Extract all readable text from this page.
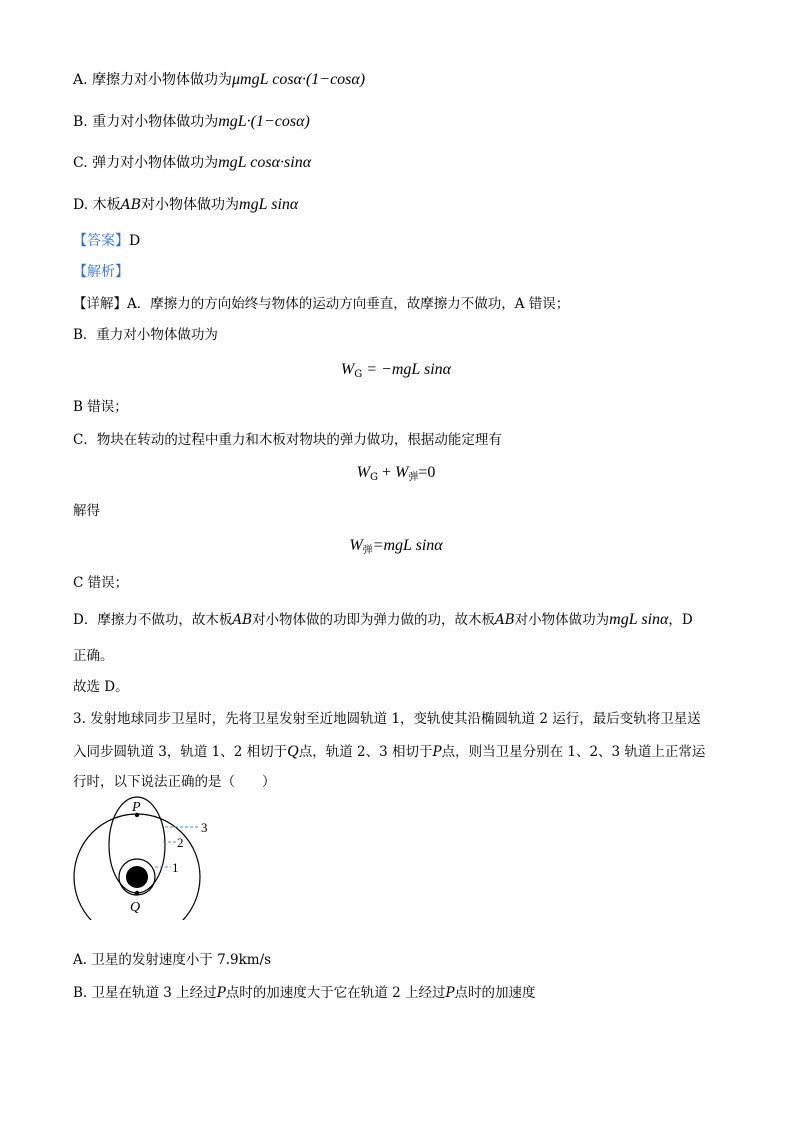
A. 摩擦力对小物体做功为μmgL cosα·(1−cosα)
B. 重力对小物体做功为mgL·(1−cosα)
C. 弹力对小物体做功为mgL cosα·sinα
D. 木板AB对小物体做功为mgL sinα
【答案】D
【解析】
【详解】A．摩擦力的方向始终与物体的运动方向垂直，故摩擦力不做功，A 错误；
B．重力对小物体做功为
$W_G = -mgL$ sinα
B 错误；
C．物块在转动的过程中重力和木板对物块的弹力做功，根据动能定理有
$W_G + W_弹=0$
解得
$W_弹=mgL$ sinα
C 错误；
D．摩擦力不做功，故木板AB对小物体做的功即为弹力做的功，故木板AB对小物体做功为mgL sinα，D
正确。
故选 D。
3. 发射地球同步卫星时，先将卫星发射至近地圆轨道 1，变轨使其沿椭圆轨道 2 运行，最后变轨将卫星送
入同步圆轨道 3，轨道 1、2 相切于Q点，轨道 2、3 相切于P点，则当卫星分别在 1、2、3 轨道上正常运
行时，以下说法正确的是（　　）
P
Q
3
2
1
A. 卫星的发射速度小于 7.9km/s
B. 卫星在轨道 3 上经过P点时的加速度大于它在轨道 2 上经过P点时的加速度
